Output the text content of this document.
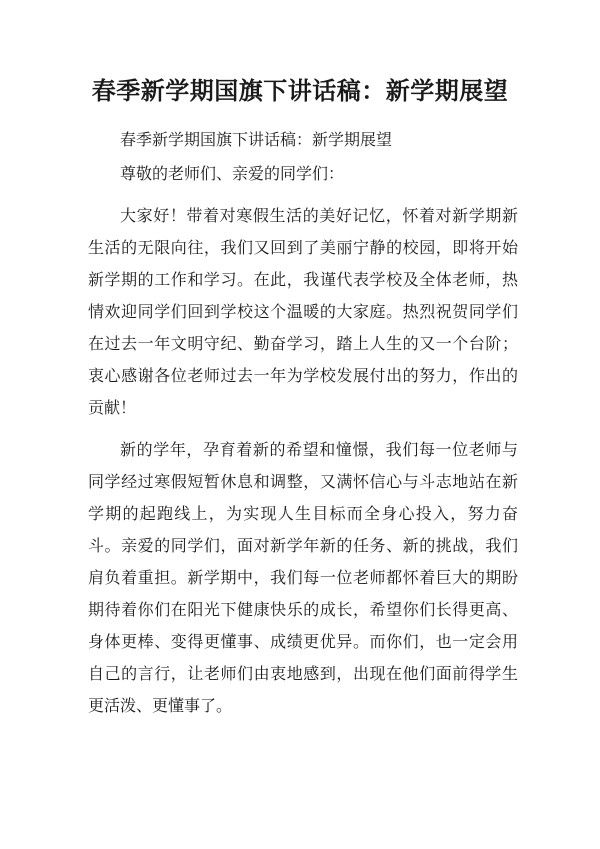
春季新学期国旗下讲话稿：新学期展望

春季新学期国旗下讲话稿：新学期展望

尊敬的老师们、亲爱的同学们：

大家好！带着对寒假生活的美好记忆，怀着对新学期新生活的无限向往，我们又回到了美丽宁静的校园，即将开始新学期的工作和学习。在此，我谨代表学校及全体老师，热情欢迎同学们回到学校这个温暖的大家庭。热烈祝贺同学们在过去一年文明守纪、勤奋学习，踏上人生的又一个台阶；衷心感谢各位老师过去一年为学校发展付出的努力，作出的贡献！

新的学年，孕育着新的希望和憧憬，我们每一位老师与同学经过寒假短暂休息和调整，又满怀信心与斗志地站在新学期的起跑线上，为实现人生目标而全身心投入，努力奋斗。亲爱的同学们，面对新学年新的任务、新的挑战，我们肩负着重担。新学期中，我们每一位老师都怀着巨大的期盼期待着你们在阳光下健康快乐的成长，希望你们长得更高、身体更棒、变得更懂事、成绩更优异。而你们，也一定会用自己的言行，让老师们由衷地感到，出现在他们面前得学生更活泼、更懂事了。
